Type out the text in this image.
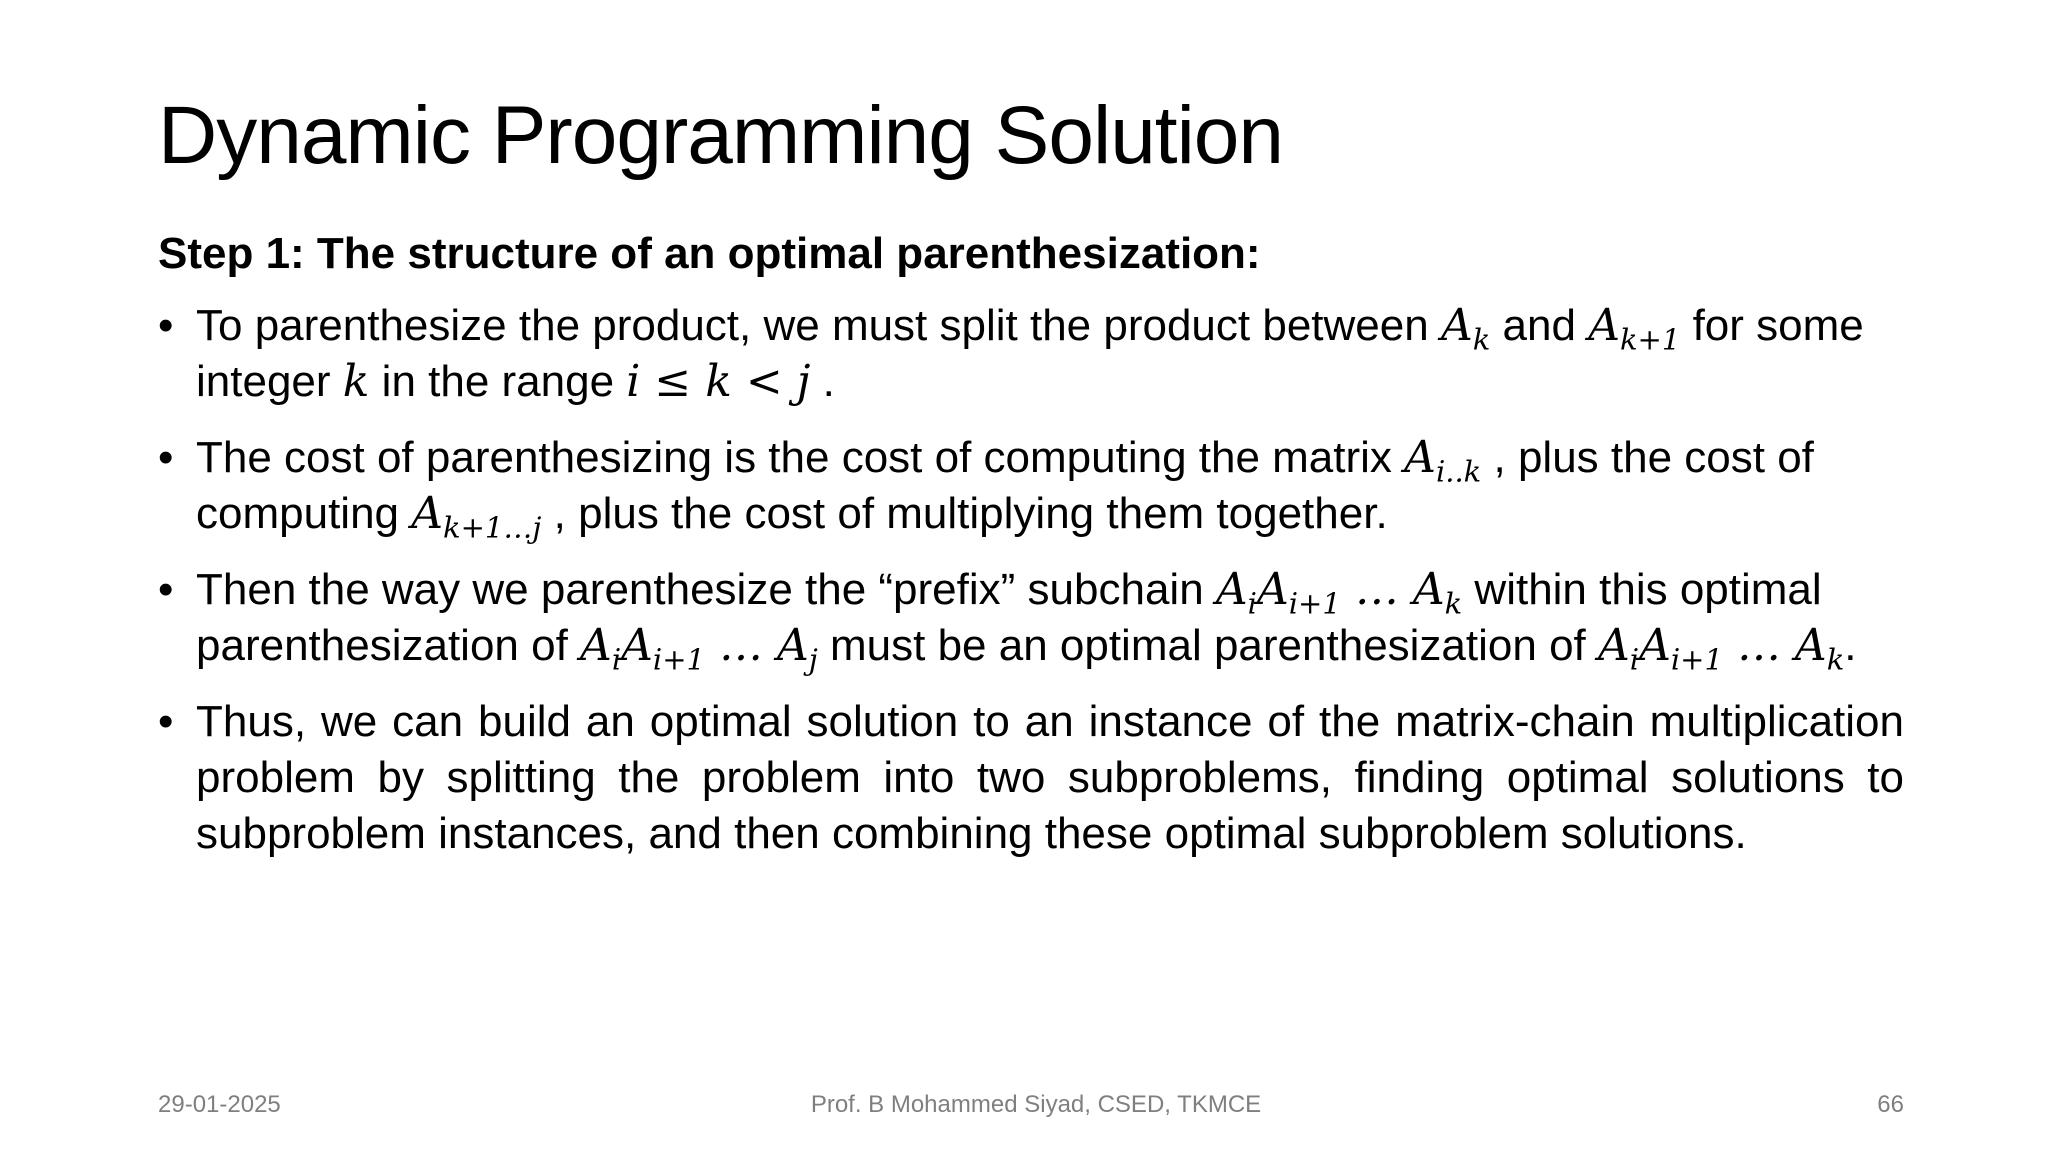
Dynamic Programming Solution
Step 1: The structure of an optimal parenthesization:
• To parenthesize the product, we must split the product between $A_k$ and $A_{k+1}$ for some integer k in the range i ≤ k < j .
• The cost of parenthesizing is the cost of computing the matrix $A_{i..k}$ , plus the cost of computing $A_{k+1\dots j}$ , plus the cost of multiplying them together.
• Then the way we parenthesize the “prefix” subchain $A_iA_{i+1}$ … $A_k$ within this optimal parenthesization of $A_iA_{i+1}$ … $A_j$ must be an optimal parenthesization of $A_iA_{i+1}$ … $A_k$.
• Thus, we can build an optimal solution to an instance of the matrix-chain multiplication problem by splitting the problem into two subproblems, finding optimal solutions to subproblem instances, and then combining these optimal subproblem solutions.
29-01-2025	Prof. B Mohammed Siyad, CSED, TKMCE	66
